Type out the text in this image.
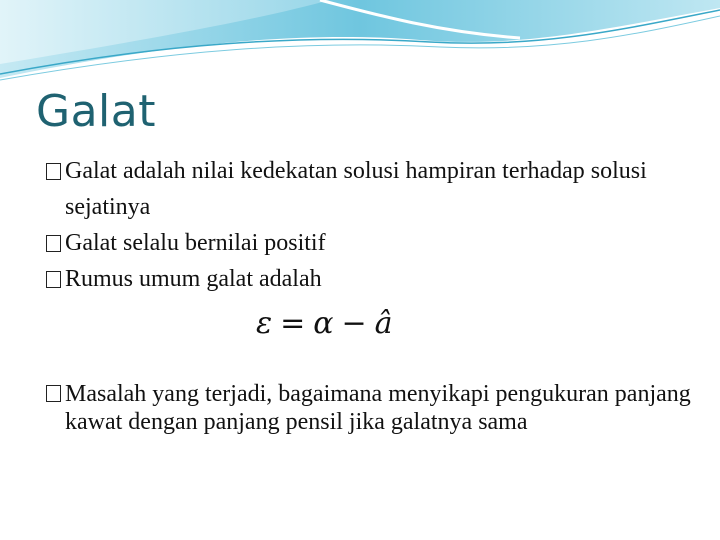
Galat
Galat adalah nilai kedekatan solusi hampiran terhadap solusi sejatinya
Galat selalu bernilai positif
Rumus umum galat adalah
ε = α − â
Masalah yang terjadi, bagaimana menyikapi pengukuran panjang kawat dengan panjang pensil jika galatnya sama
